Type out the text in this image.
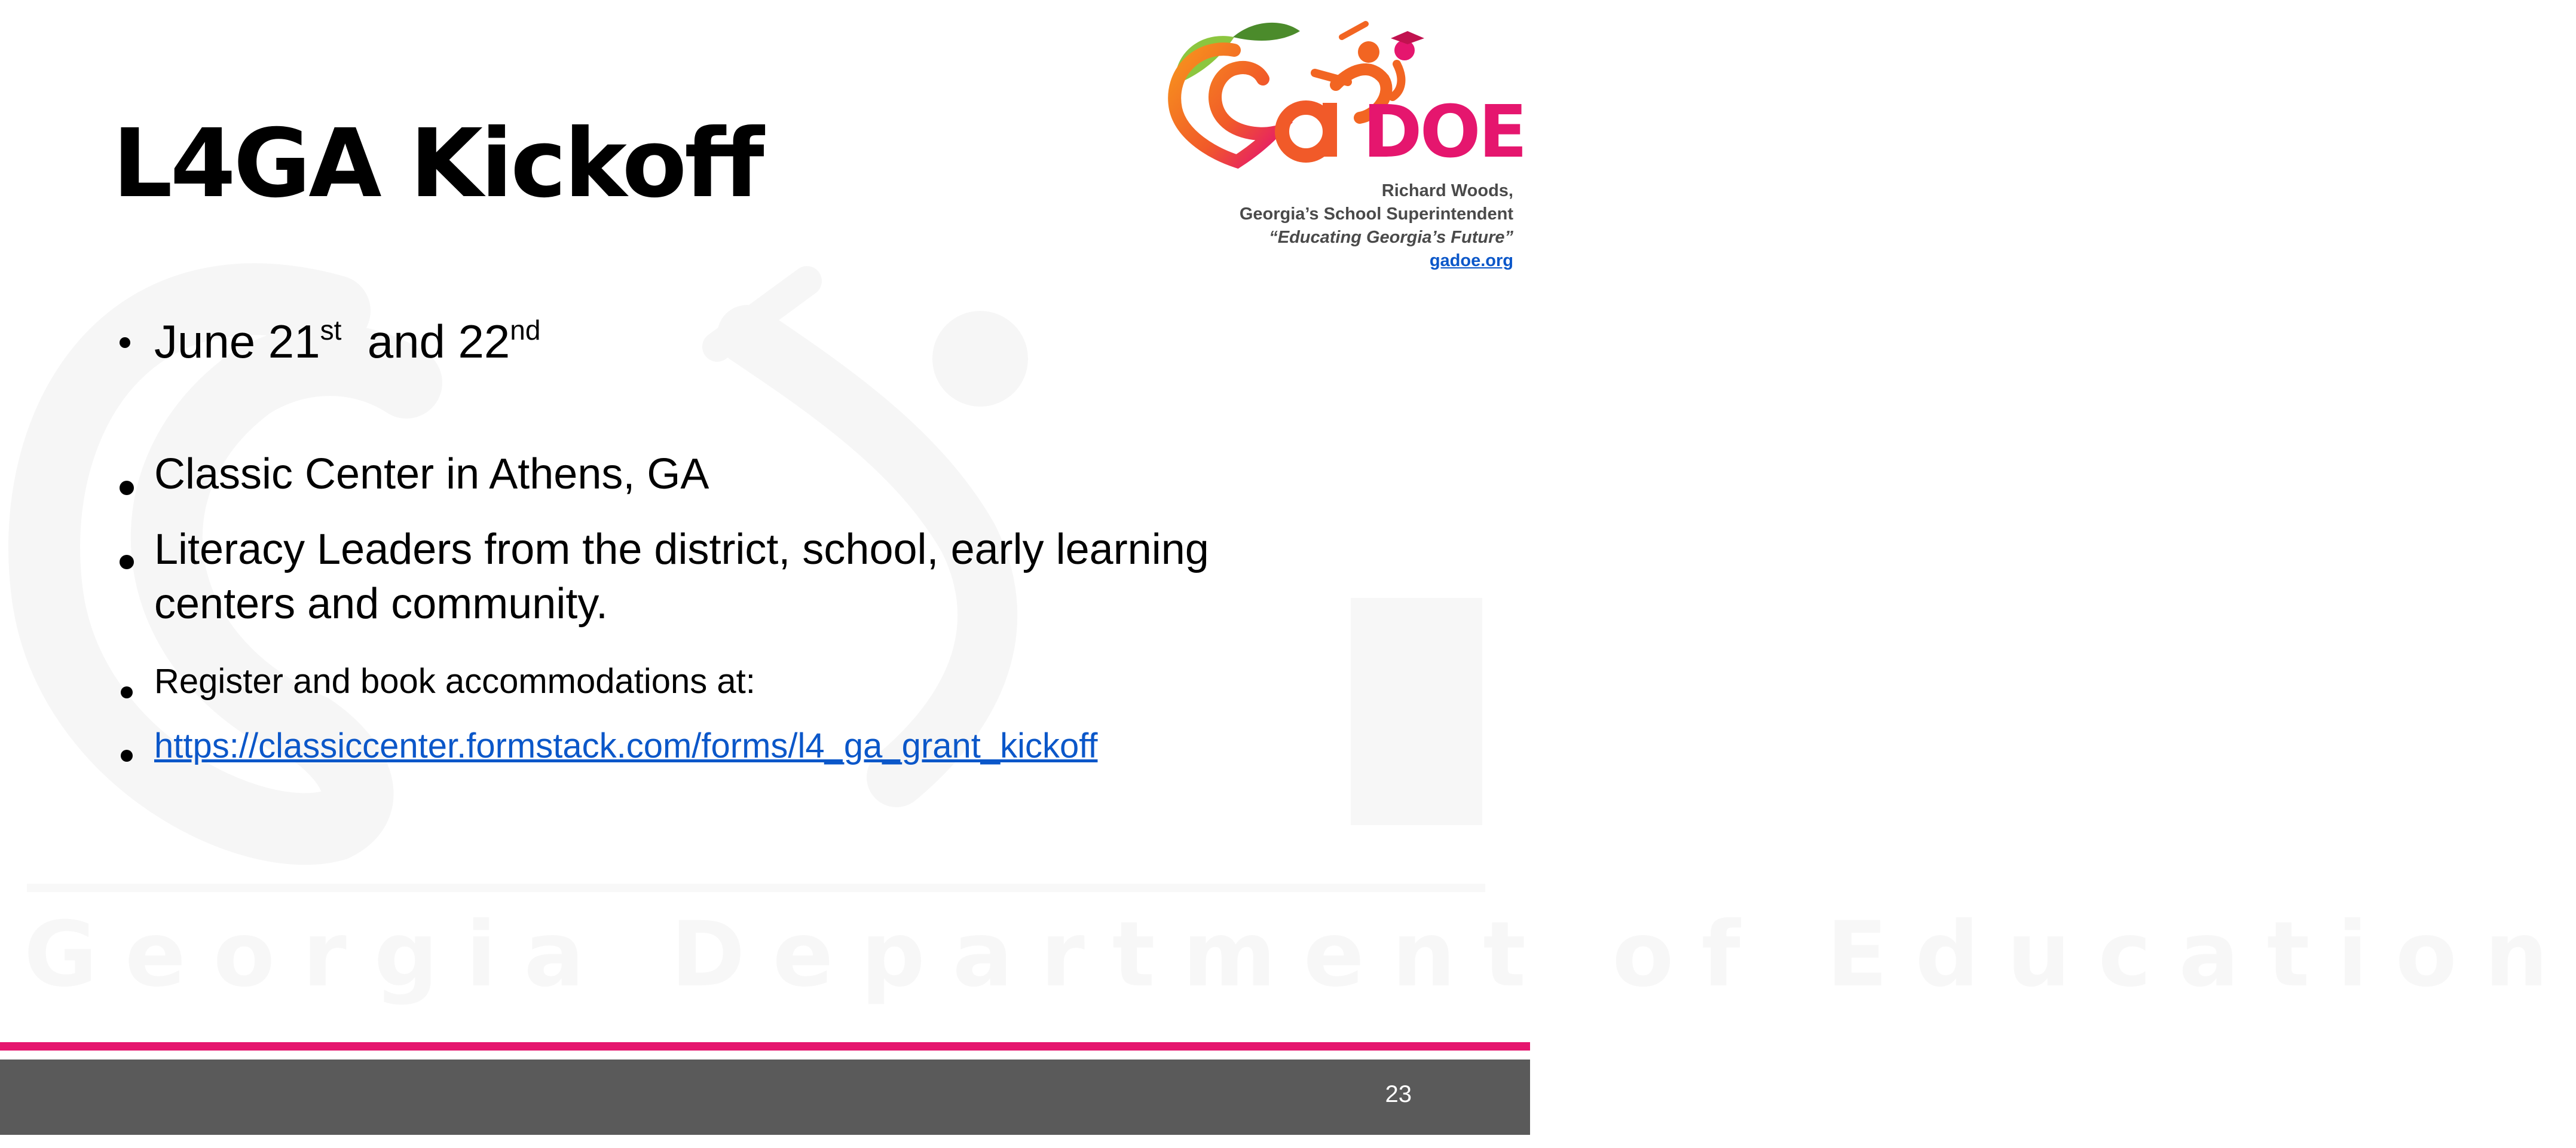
Georgia Department of Education
L4GA Kickoff	DOE
Richard Woods,
Georgia’s School Superintendent
“Educating Georgia’s Future”
gadoe.org
June 21st  and 22nd
Classic Center in Athens, GA
Literacy Leaders from the district, school, early learning
centers and community.
Register and book accommodations at:
https://classiccenter.formstack.com/forms/l4_ga_grant_kickoff
23
